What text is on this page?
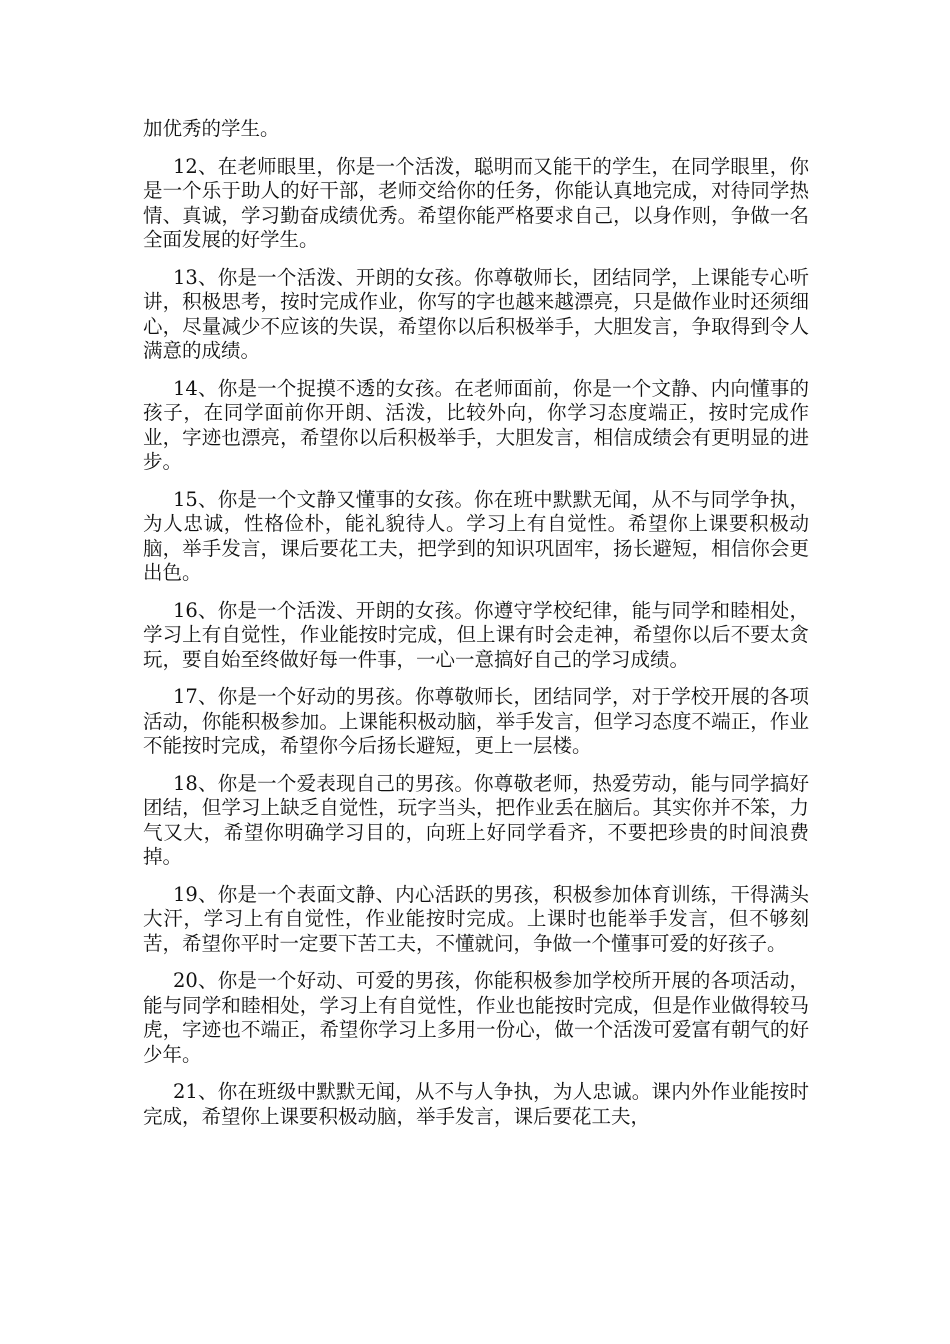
加优秀的学生。

12、在老师眼里，你是一个活泼，聪明而又能干的学生，在同学眼里，你是一个乐于助人的好干部，老师交给你的任务，你能认真地完成，对待同学热情、真诚，学习勤奋成绩优秀。希望你能严格要求自己，以身作则，争做一名全面发展的好学生。

13、你是一个活泼、开朗的女孩。你尊敬师长，团结同学，上课能专心听讲，积极思考，按时完成作业，你写的字也越来越漂亮，只是做作业时还须细心，尽量减少不应该的失误，希望你以后积极举手，大胆发言，争取得到令人满意的成绩。

14、你是一个捉摸不透的女孩。在老师面前，你是一个文静、内向懂事的孩子，在同学面前你开朗、活泼，比较外向，你学习态度端正，按时完成作业，字迹也漂亮，希望你以后积极举手，大胆发言，相信成绩会有更明显的进步。

15、你是一个文静又懂事的女孩。你在班中默默无闻，从不与同学争执，为人忠诚，性格俭朴，能礼貌待人。学习上有自觉性。希望你上课要积极动脑，举手发言，课后要花工夫，把学到的知识巩固牢，扬长避短，相信你会更出色。

16、你是一个活泼、开朗的女孩。你遵守学校纪律，能与同学和睦相处，学习上有自觉性，作业能按时完成，但上课有时会走神，希望你以后不要太贪玩，要自始至终做好每一件事，一心一意搞好自己的学习成绩。

17、你是一个好动的男孩。你尊敬师长，团结同学，对于学校开展的各项活动，你能积极参加。上课能积极动脑，举手发言，但学习态度不端正，作业不能按时完成，希望你今后扬长避短，更上一层楼。

18、你是一个爱表现自己的男孩。你尊敬老师，热爱劳动，能与同学搞好团结，但学习上缺乏自觉性，玩字当头，把作业丢在脑后。其实你并不笨，力气又大，希望你明确学习目的，向班上好同学看齐，不要把珍贵的时间浪费掉。

19、你是一个表面文静、内心活跃的男孩，积极参加体育训练，干得满头大汗，学习上有自觉性，作业能按时完成。上课时也能举手发言，但不够刻苦，希望你平时一定要下苦工夫，不懂就问，争做一个懂事可爱的好孩子。

20、你是一个好动、可爱的男孩，你能积极参加学校所开展的各项活动，能与同学和睦相处，学习上有自觉性，作业也能按时完成，但是作业做得较马虎，字迹也不端正，希望你学习上多用一份心，做一个活泼可爱富有朝气的好少年。

21、你在班级中默默无闻，从不与人争执，为人忠诚。课内外作业能按时完成，希望你上课要积极动脑，举手发言，课后要花工夫，
